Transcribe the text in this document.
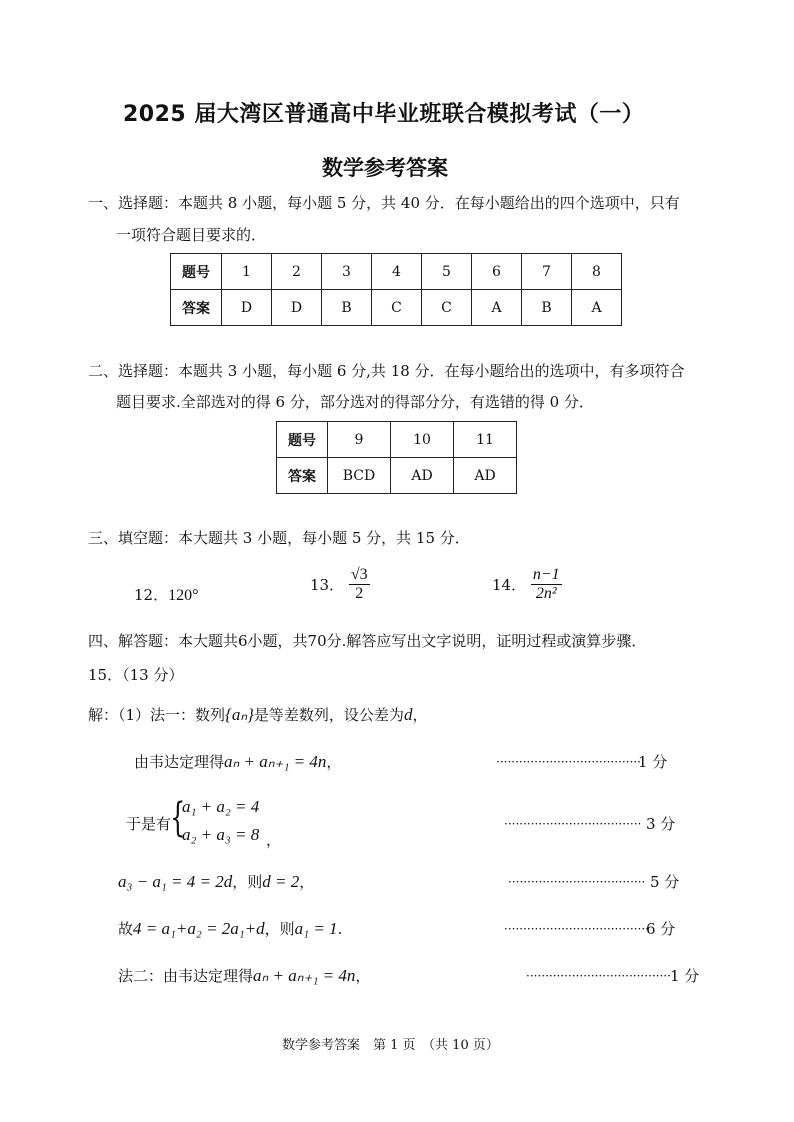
2025 届大湾区普通高中毕业班联合模拟考试（一）
数学参考答案
一、选择题：本题共 8 小题，每小题 5 分，共 40 分．在每小题给出的四个选项中，只有
一项符合题目要求的．
题号	1	2	3	4	5	6	7	8
答案	D	D	B	C	C	A	B	A
二、选择题：本题共 3 小题，每小题 6 分,共 18 分．在每小题给出的选项中，有多项符合
题目要求.全部选对的得 6 分，部分选对的得部分分，有选错的得 0 分．
题号	9	10	11
答案	BCD	AD	AD
三、填空题：本大题共 3 小题，每小题 5 分，共 15 分．
12．120°
13． $\frac{√3}{2}$	14． $\frac{n-1}{\text{2n²}}$
四、解答题：本大题共6小题，共70分.解答应写出文字说明，证明过程或演算步骤．
15．（13 分）
解：（1）法一：数列{aₙ}是等差数列，设公差为d，
由韦达定理得aₙ + aₙ₊₁ = 4n，	······································
1 分
于是有 {
a₁ + a₂ = 4
a₂ + a₃ = 8 ，
···································· 3 分
a₃ − a₁ = 4 = 2d，则d = 2，	···································· 5 分
故4 = a₁+a₂ = 2a₁+d，则a₁ = 1.	······································
6 分
法二：由韦达定理得aₙ + aₙ₊₁ = 4n，	······································ 1 分
数学参考答案　第 1 页　（共 10 页）
